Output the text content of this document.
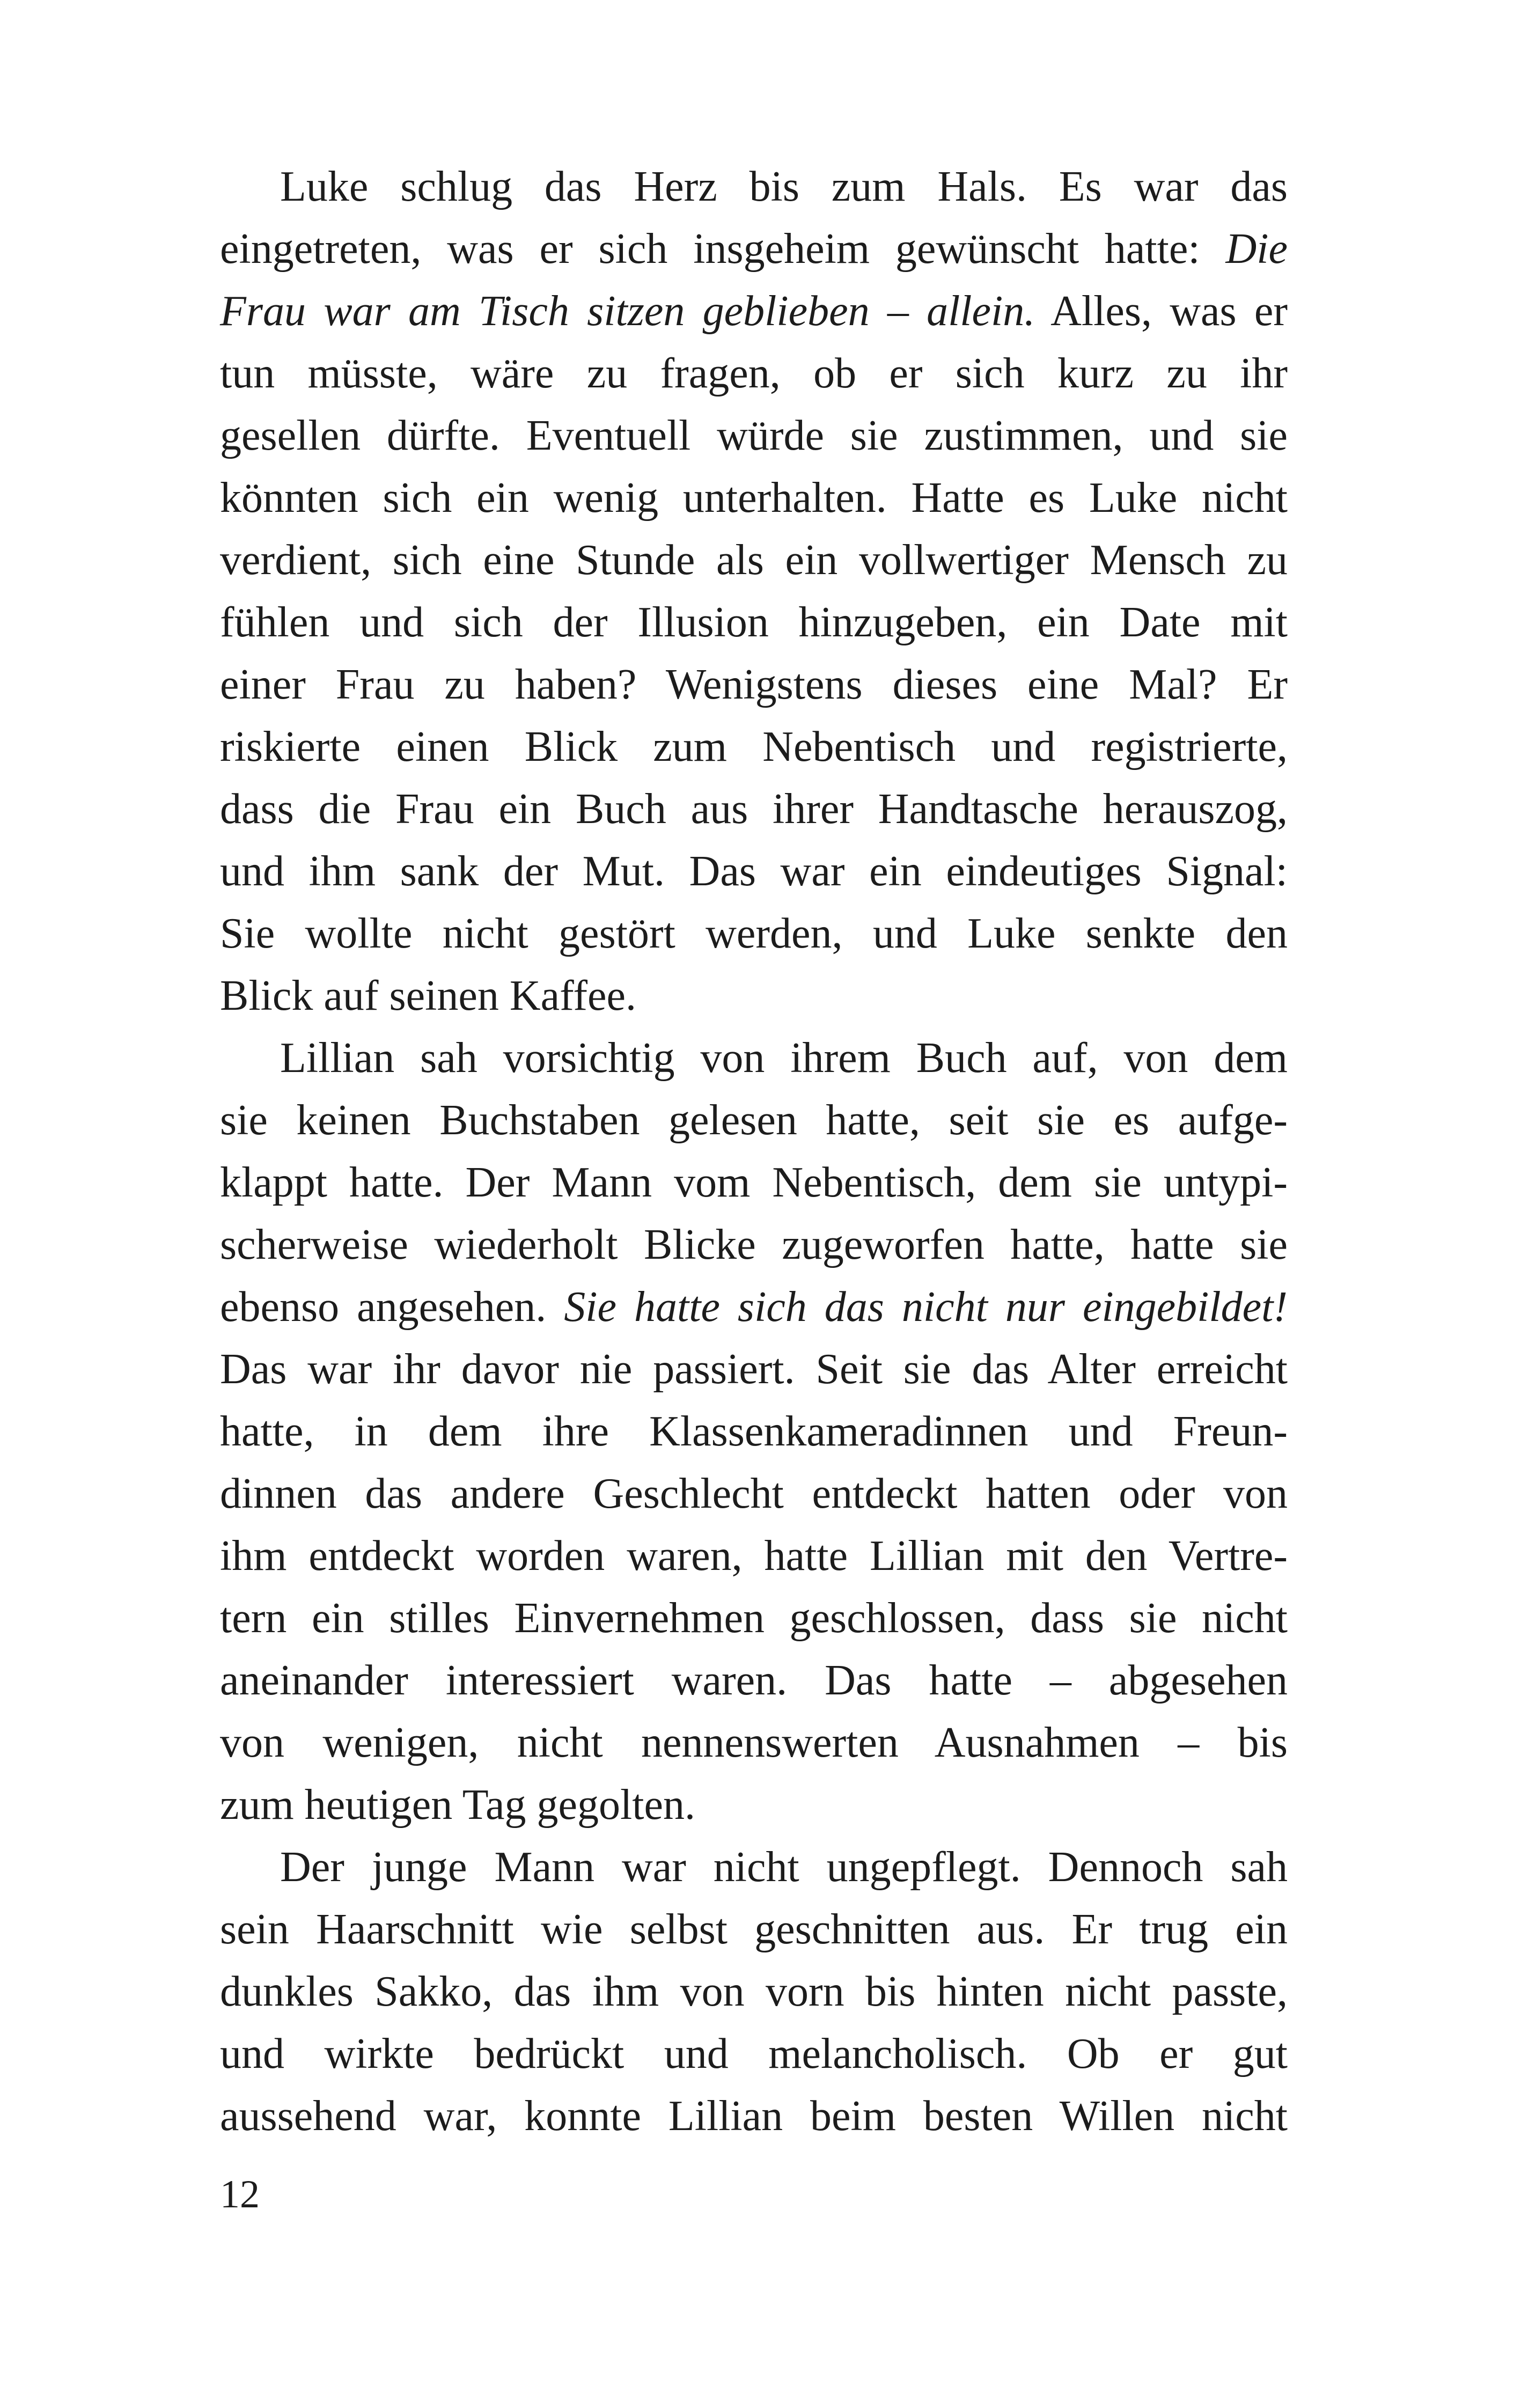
Luke schlug das Herz bis zum Hals. Es war das
eingetreten, was er sich insgeheim gewünscht hatte: Die
Frau war am Tisch sitzen geblieben – allein. Alles, was er
tun müsste, wäre zu fragen, ob er sich kurz zu ihr
gesellen dürfte. Eventuell würde sie zustimmen, und sie
könnten sich ein wenig unterhalten. Hatte es Luke nicht
verdient, sich eine Stunde als ein vollwertiger Mensch zu
fühlen und sich der Illusion hinzugeben, ein Date mit
einer Frau zu haben? Wenigstens dieses eine Mal? Er
riskierte einen Blick zum Nebentisch und registrierte,
dass die Frau ein Buch aus ihrer Handtasche herauszog,
und ihm sank der Mut. Das war ein eindeutiges Signal:
Sie wollte nicht gestört werden, und Luke senkte den
Blick auf seinen Kaffee.
Lillian sah vorsichtig von ihrem Buch auf, von dem
sie keinen Buchstaben gelesen hatte, seit sie es aufge-
klappt hatte. Der Mann vom Nebentisch, dem sie untypi-
scherweise wiederholt Blicke zugeworfen hatte, hatte sie
ebenso angesehen. Sie hatte sich das nicht nur eingebildet!
Das war ihr davor nie passiert. Seit sie das Alter erreicht
hatte, in dem ihre Klassenkameradinnen und Freun-
dinnen das andere Geschlecht entdeckt hatten oder von
ihm entdeckt worden waren, hatte Lillian mit den Vertre-
tern ein stilles Einvernehmen geschlossen, dass sie nicht
aneinander interessiert waren. Das hatte – abgesehen
von wenigen, nicht nennenswerten Ausnahmen – bis
zum heutigen Tag gegolten.
Der junge Mann war nicht ungepflegt. Dennoch sah
sein Haarschnitt wie selbst geschnitten aus. Er trug ein
dunkles Sakko, das ihm von vorn bis hinten nicht passte,
und wirkte bedrückt und melancholisch. Ob er gut
aussehend war, konnte Lillian beim besten Willen nicht
12
